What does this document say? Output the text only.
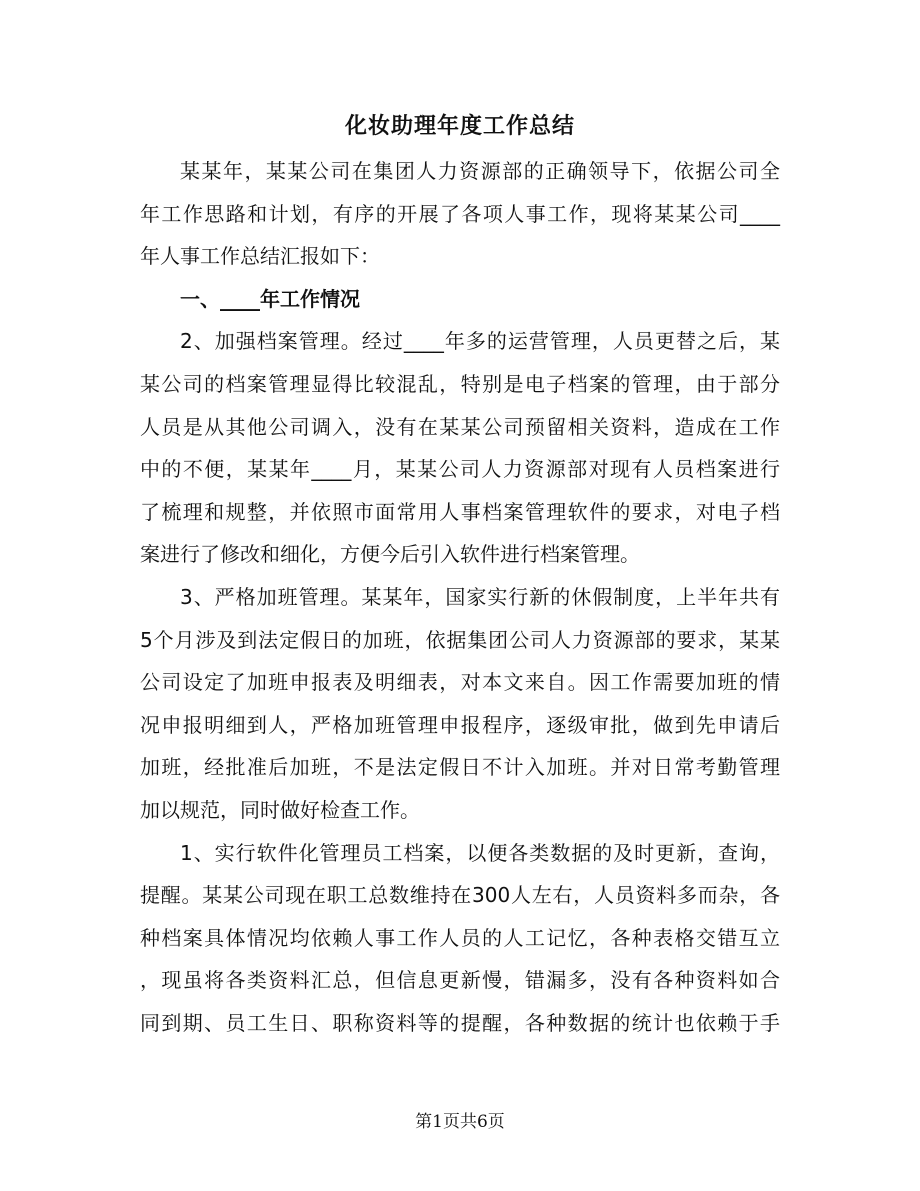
化妆助理年度工作总结
某某年，某某公司在集团人力资源部的正确领导下，依据公司全
年工作思路和计划，有序的开展了各项人事工作，现将某某公司____
年人事工作总结汇报如下：
一、____年工作情况
2、加强档案管理。经过____年多的运营管理，人员更替之后，某
某公司的档案管理显得比较混乱，特别是电子档案的管理，由于部分
人员是从其他公司调入，没有在某某公司预留相关资料，造成在工作
中的不便，某某年____月，某某公司人力资源部对现有人员档案进行
了梳理和规整，并依照市面常用人事档案管理软件的要求，对电子档
案进行了修改和细化，方便今后引入软件进行档案管理。
3、严格加班管理。某某年，国家实行新的休假制度，上半年共有
5个月涉及到法定假日的加班，依据集团公司人力资源部的要求，某某
公司设定了加班申报表及明细表，对本文来自。因工作需要加班的情
况申报明细到人，严格加班管理申报程序，逐级审批，做到先申请后
加班，经批准后加班，不是法定假日不计入加班。并对日常考勤管理
加以规范，同时做好检查工作。
1、实行软件化管理员工档案，以便各类数据的及时更新，查询，
提醒。某某公司现在职工总数维持在300人左右，人员资料多而杂，各
种档案具体情况均依赖人事工作人员的人工记忆，各种表格交错互立
，现虽将各类资料汇总，但信息更新慢，错漏多，没有各种资料如合
同到期、员工生日、职称资料等的提醒，各种数据的统计也依赖于手
第1页共6页
